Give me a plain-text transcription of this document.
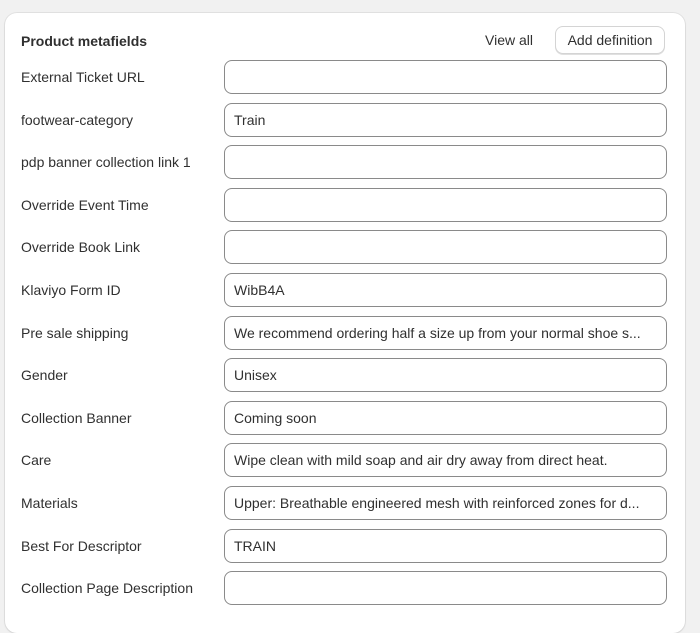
Product metafields	View all	Add definition
External Ticket URL
footwear-category	Train
pdp banner collection link 1
Override Event Time
Override Book Link
Klaviyo Form ID	WibB4A
Pre sale shipping	We recommend ordering half a size up from your normal shoe s...
Gender	Unisex
Collection Banner	Coming soon
Care	Wipe clean with mild soap and air dry away from direct heat.
Materials	Upper: Breathable engineered mesh with reinforced zones for d...
Best For Descriptor	TRAIN
Collection Page Description
